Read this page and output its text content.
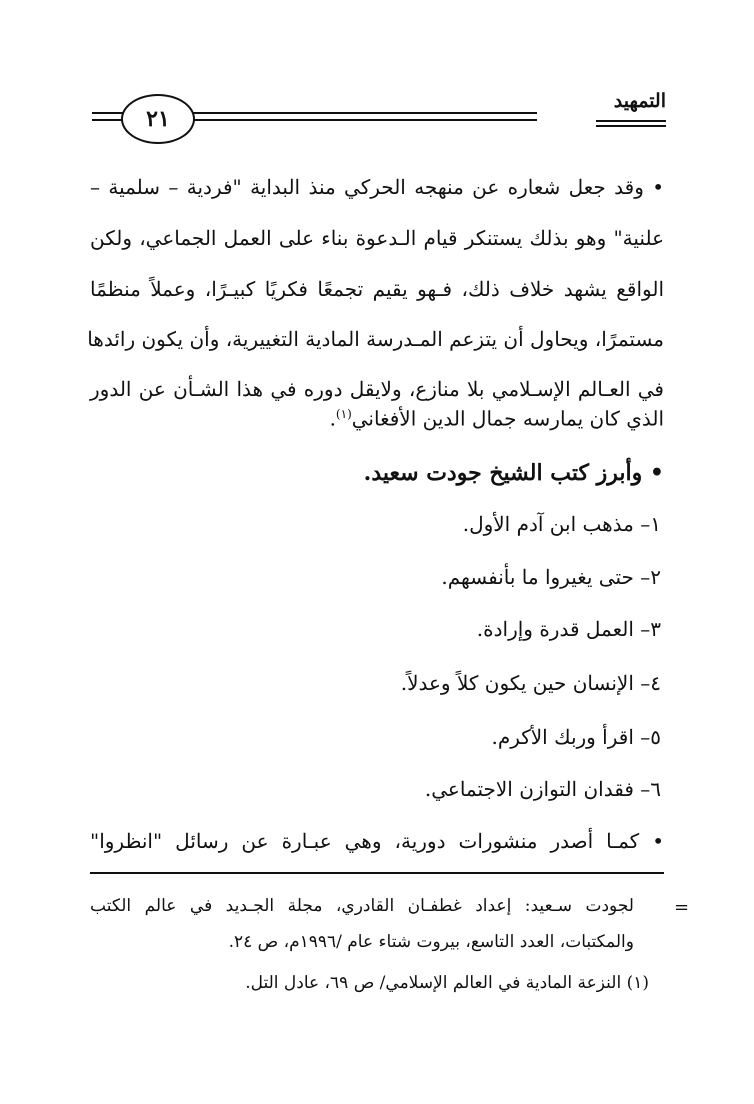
التمهيد
٢١
• وقد جعل شعاره عن منهجه الحركي منذ البداية "فردية – سلمية –
علنية" وهو بذلك يستنكر قيام الـدعوة بناء على العمل الجماعي، ولكن
الواقع يشهد خلاف ذلك، فـهو يقيم تجمعًا فكريًا كبيـرًا، وعملاً منظمًا
مستمرًا، ويحاول أن يتزعم المـدرسة المادية التغييرية، وأن يكون رائدها
في العـالم الإسـلامي بلا منازع، ولايقل دوره في هذا الشـأن عن الدور
الذي كان يمارسه جمال الدين الأفغاني$^{(١)}$.
• وأبرز كتب الشيخ جودت سعيد.
١– مذهب ابن آدم الأول.
٢– حتى يغيروا ما بأنفسهم.
٣– العمل قدرة وإرادة.
٤– الإنسان حين يكون كلاً وعدلاً.
٥– اقرأ وربك الأكرم.
٦– فقدان التوازن الاجتماعي.
• كمـا أصدر منشورات دورية، وهي عبـارة عن رسائل "انظروا"
=
لجودت سـعيد: إعداد غطفـان القادري، مجلة الجـديد في عالم الكتب
والمكتبات، العدد التاسع، بيروت شتاء عام /١٩٩٦م، ص ٢٤.
(١) النزعة المادية في العالم الإسلامي/ ص ٦٩، عادل التل.
